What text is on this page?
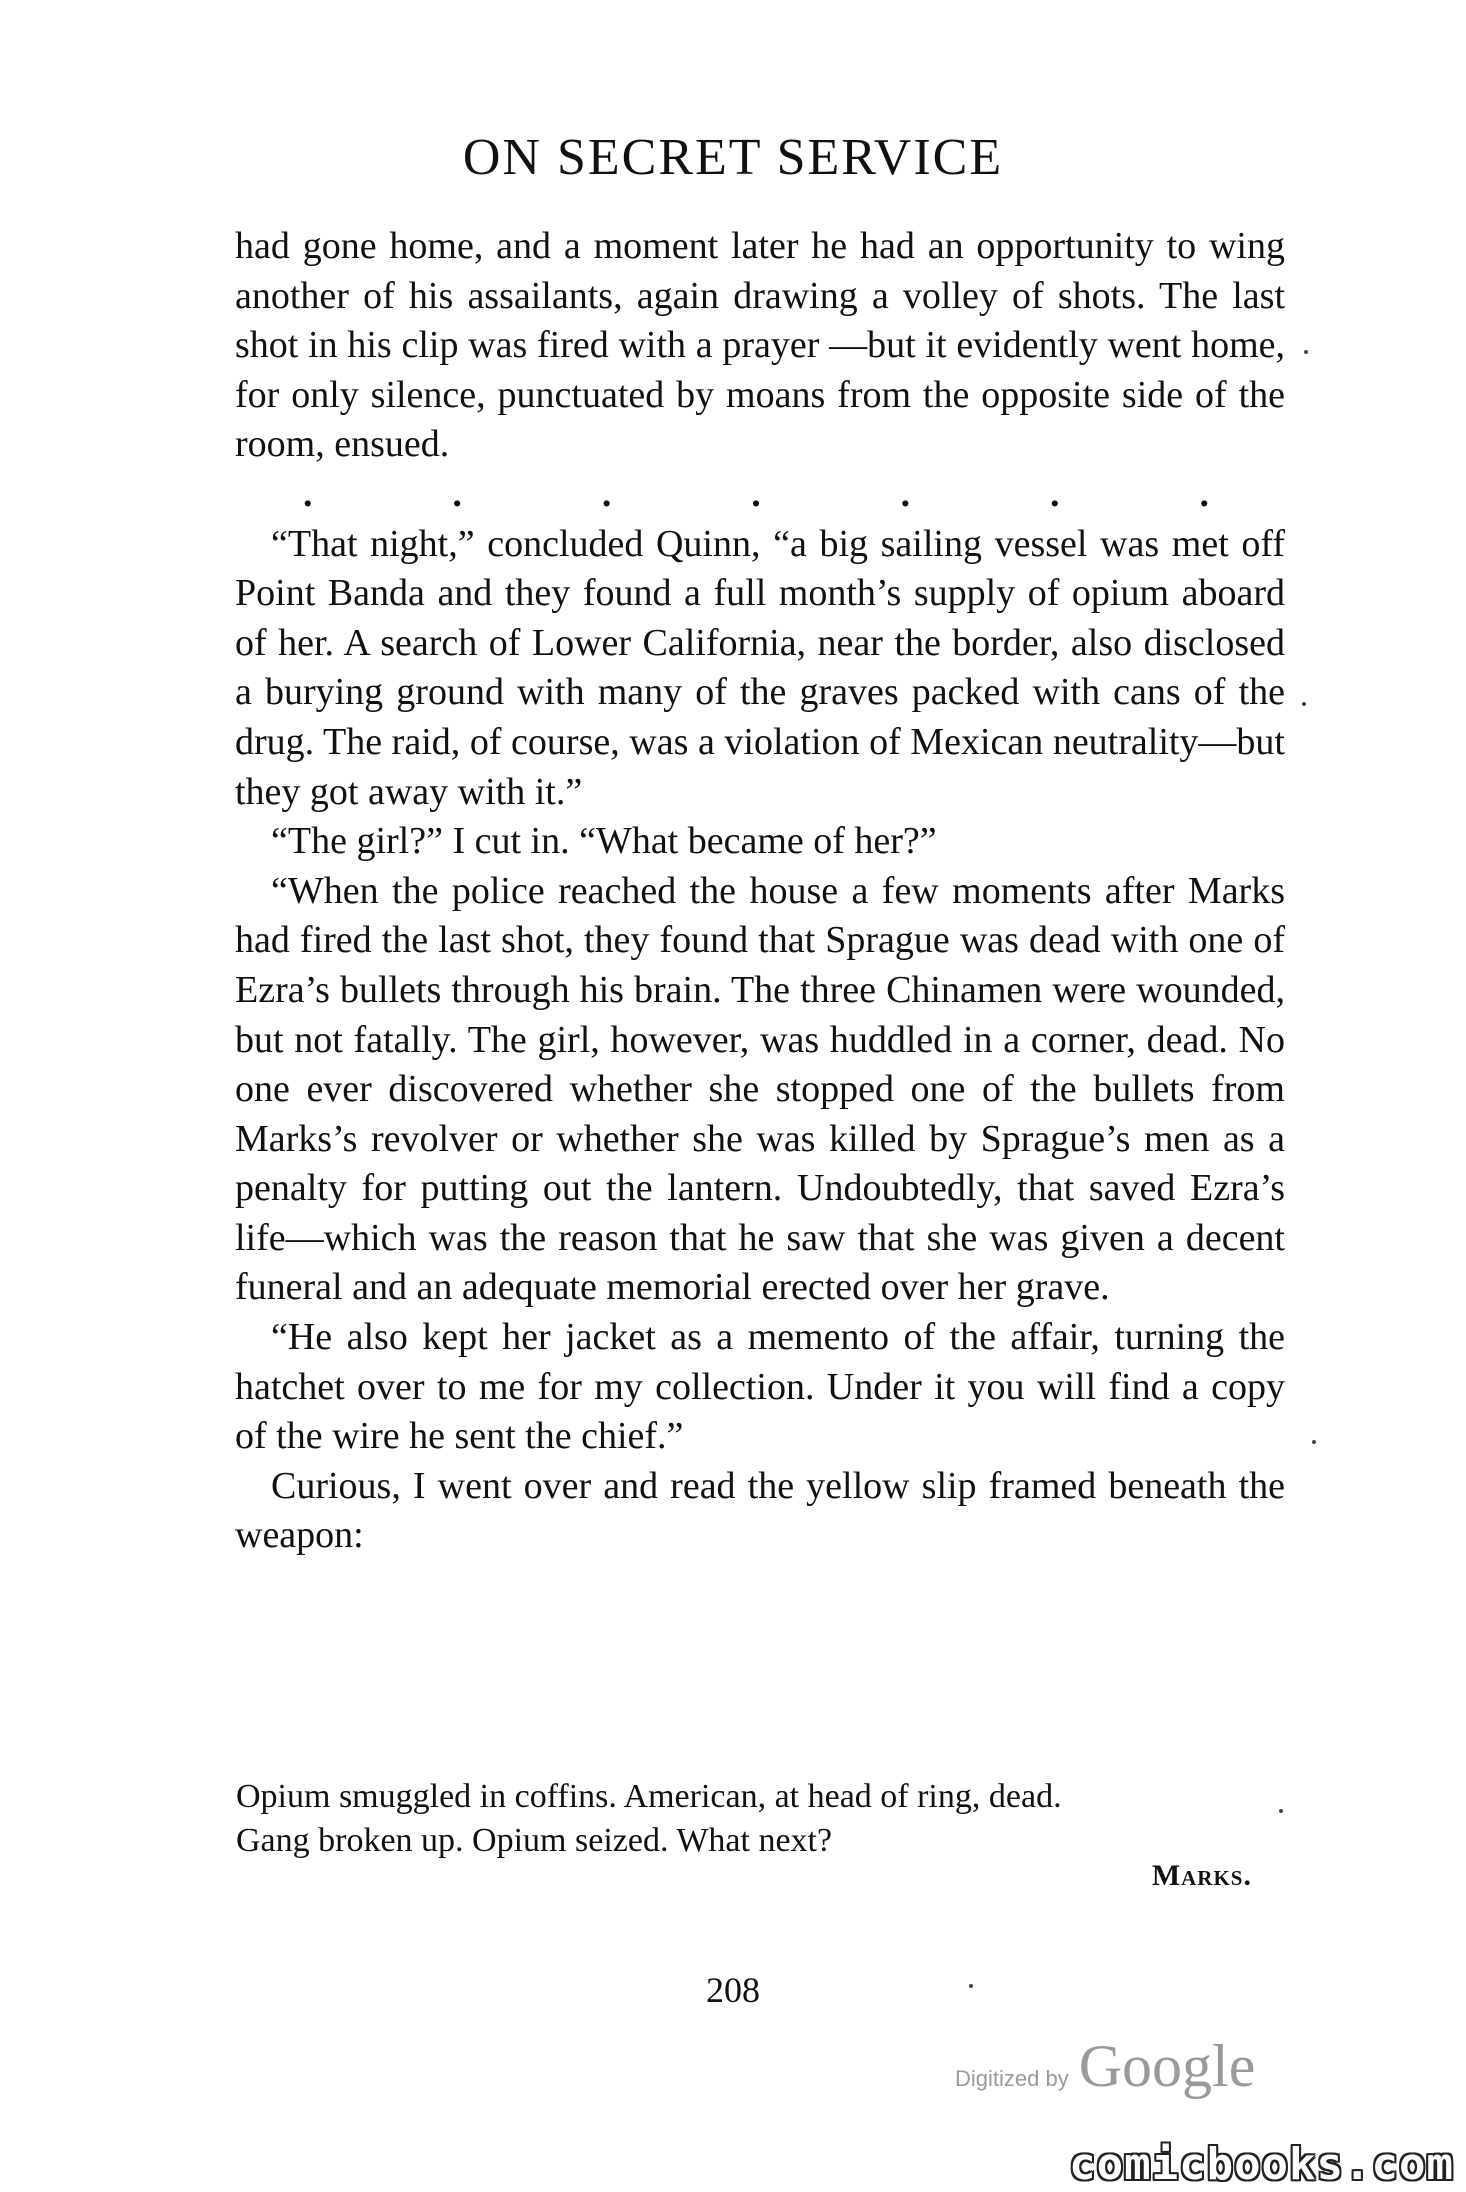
ON SECRET SERVICE

had gone home, and a moment later he had an opportunity to wing another of his assailants, again drawing a volley of shots. The last shot in his clip was fired with a prayer —but it evidently went home, for only silence, punctuated by moans from the opposite side of the room, ensued.

.	.	.	.	.	.	.

“That night,” concluded Quinn, “a big sailing vessel was met off Point Banda and they found a full month’s supply of opium aboard of her. A search of Lower California, near the border, also disclosed a burying ground with many of the graves packed with cans of the drug. The raid, of course, was a violation of Mexican neutrality—but they got away with it.”

“The girl?” I cut in. “What became of her?”

“When the police reached the house a few moments after Marks had fired the last shot, they found that Sprague was dead with one of Ezra’s bullets through his brain. The three Chinamen were wounded, but not fatally. The girl, however, was huddled in a corner, dead. No one ever discovered whether she stopped one of the bullets from Marks’s revolver or whether she was killed by Sprague’s men as a penalty for putting out the lantern. Undoubtedly, that saved Ezra’s life—which was the reason that he saw that she was given a decent funeral and an adequate memorial erected over her grave.

“He also kept her jacket as a memento of the affair, turning the hatchet over to me for my collection. Under it you will find a copy of the wire he sent the chief.”

Curious, I went over and read the yellow slip framed beneath the weapon:

Opium smuggled in coffins. American, at head of ring, dead.

Gang broken up. Opium seized. What next?

Marks.
208
Digitized by Google
comicbooks.com
